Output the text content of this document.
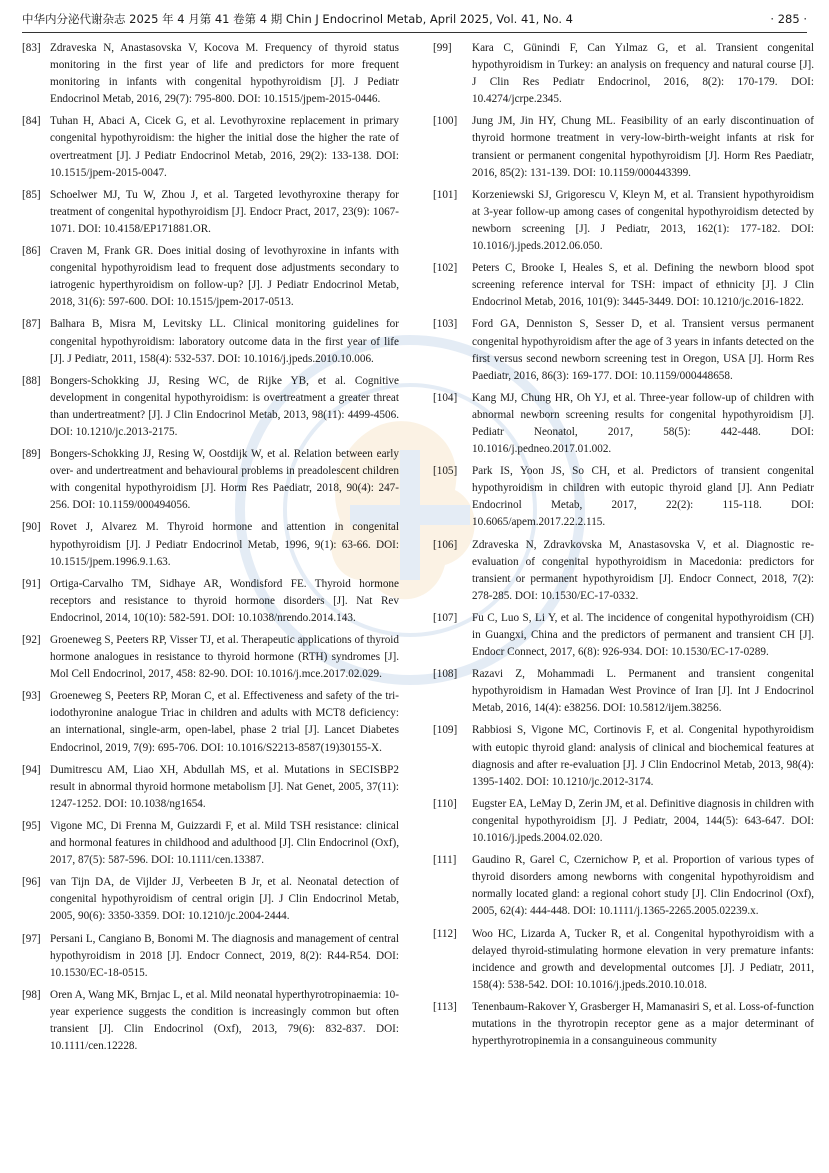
中华内分泌代谢杂志 2025 年 4 月第 41 卷第 4 期 Chin J Endocrinol Metab, April 2025, Vol. 41, No. 4	· 285 ·
[83] Zdraveska N, Anastasovska V, Kocova M. Frequency of thyroid status monitoring in the first year of life and predictors for more frequent monitoring in infants with congenital hypothyroidism [J]. J Pediatr Endocrinol Metab, 2016, 29(7): 795-800. DOI: 10.1515/jpem-2015-0446.
[84] Tuhan H, Abaci A, Cicek G, et al. Levothyroxine replacement in primary congenital hypothyroidism: the higher the initial dose the higher the rate of overtreatment [J]. J Pediatr Endocrinol Metab, 2016, 29(2): 133-138. DOI: 10.1515/jpem-2015-0047.
[85] Schoelwer MJ, Tu W, Zhou J, et al. Targeted levothyroxine therapy for treatment of congenital hypothyroidism [J]. Endocr Pract, 2017, 23(9): 1067-1071. DOI: 10.4158/EP171881.OR.
[86] Craven M, Frank GR. Does initial dosing of levothyroxine in infants with congenital hypothyroidism lead to frequent dose adjustments secondary to iatrogenic hyperthyroidism on follow-up? [J]. J Pediatr Endocrinol Metab, 2018, 31(6): 597-600. DOI: 10.1515/jpem-2017-0513.
[87] Balhara B, Misra M, Levitsky LL. Clinical monitoring guidelines for congenital hypothyroidism: laboratory outcome data in the first year of life [J]. J Pediatr, 2011, 158(4): 532-537. DOI: 10.1016/j.jpeds.2010.10.006.
[88] Bongers-Schokking JJ, Resing WC, de Rijke YB, et al. Cognitive development in congenital hypothyroidism: is overtreatment a greater threat than undertreatment? [J]. J Clin Endocrinol Metab, 2013, 98(11): 4499-4506. DOI: 10.1210/jc.2013-2175.
[89] Bongers-Schokking JJ, Resing W, Oostdijk W, et al. Relation between early over- and undertreatment and behavioural problems in preadolescent children with congenital hypothyroidism [J]. Horm Res Paediatr, 2018, 90(4): 247-256. DOI: 10.1159/000494056.
[90] Rovet J, Alvarez M. Thyroid hormone and attention in congenital hypothyroidism [J]. J Pediatr Endocrinol Metab, 1996, 9(1): 63-66. DOI: 10.1515/jpem.1996.9.1.63.
[91] Ortiga-Carvalho TM, Sidhaye AR, Wondisford FE. Thyroid hormone receptors and resistance to thyroid hormone disorders [J]. Nat Rev Endocrinol, 2014, 10(10): 582-591. DOI: 10.1038/nrendo.2014.143.
[92] Groeneweg S, Peeters RP, Visser TJ, et al. Therapeutic applications of thyroid hormone analogues in resistance to thyroid hormone (RTH) syndromes [J]. Mol Cell Endocrinol, 2017, 458: 82-90. DOI: 10.1016/j.mce.2017.02.029.
[93] Groeneweg S, Peeters RP, Moran C, et al. Effectiveness and safety of the tri-iodothyronine analogue Triac in children and adults with MCT8 deficiency: an international, single-arm, open-label, phase 2 trial [J]. Lancet Diabetes Endocrinol, 2019, 7(9): 695-706. DOI: 10.1016/S2213-8587(19)30155-X.
[94] Dumitrescu AM, Liao XH, Abdullah MS, et al. Mutations in SECISBP2 result in abnormal thyroid hormone metabolism [J]. Nat Genet, 2005, 37(11): 1247-1252. DOI: 10.1038/ng1654.
[95] Vigone MC, Di Frenna M, Guizzardi F, et al. Mild TSH resistance: clinical and hormonal features in childhood and adulthood [J]. Clin Endocrinol (Oxf), 2017, 87(5): 587-596. DOI: 10.1111/cen.13387.
[96] van Tijn DA, de Vijlder JJ, Verbeeten B Jr, et al. Neonatal detection of congenital hypothyroidism of central origin [J]. J Clin Endocrinol Metab, 2005, 90(6): 3350-3359. DOI: 10.1210/jc.2004-2444.
[97] Persani L, Cangiano B, Bonomi M. The diagnosis and management of central hypothyroidism in 2018 [J]. Endocr Connect, 2019, 8(2): R44-R54. DOI: 10.1530/EC-18-0515.
[98] Oren A, Wang MK, Brnjac L, et al. Mild neonatal hyperthyrotropinaemia: 10-year experience suggests the condition is increasingly common but often transient [J]. Clin Endocrinol (Oxf), 2013, 79(6): 832-837. DOI: 10.1111/cen.12228.
[99]	Kara C, Günindi F, Can Yılmaz G, et al. Transient congenital hypothyroidism in Turkey: an analysis on frequency and natural course [J]. J Clin Res Pediatr Endocrinol, 2016, 8(2): 170-179. DOI: 10.4274/jcrpe.2345.
[100]	Jung JM, Jin HY, Chung ML. Feasibility of an early discontinuation of thyroid hormone treatment in very-low-birth-weight infants at risk for transient or permanent congenital hypothyroidism [J]. Horm Res Paediatr, 2016, 85(2): 131-139. DOI: 10.1159/000443399.
[101]	Korzeniewski SJ, Grigorescu V, Kleyn M, et al. Transient hypothyroidism at 3-year follow-up among cases of congenital hypothyroidism detected by newborn screening [J]. J Pediatr, 2013, 162(1): 177-182. DOI: 10.1016/j.jpeds.2012.06.050.
[102]	Peters C, Brooke I, Heales S, et al. Defining the newborn blood spot screening reference interval for TSH: impact of ethnicity [J]. J Clin Endocrinol Metab, 2016, 101(9): 3445-3449. DOI: 10.1210/jc.2016-1822.
[103]	Ford GA, Denniston S, Sesser D, et al. Transient versus permanent congenital hypothyroidism after the age of 3 years in infants detected on the first versus second newborn screening test in Oregon, USA [J]. Horm Res Paediatr, 2016, 86(3): 169-177. DOI: 10.1159/000448658.
[104]	Kang MJ, Chung HR, Oh YJ, et al. Three-year follow-up of children with abnormal newborn screening results for congenital hypothyroidism [J]. Pediatr Neonatol, 2017, 58(5): 442-448. DOI: 10.1016/j.pedneo.2017.01.002.
[105]	Park IS, Yoon JS, So CH, et al. Predictors of transient congenital hypothyroidism in children with eutopic thyroid gland [J]. Ann Pediatr Endocrinol Metab, 2017, 22(2): 115-118. DOI: 10.6065/apem.2017.22.2.115.
[106]	Zdraveska N, Zdravkovska M, Anastasovska V, et al. Diagnostic re-evaluation of congenital hypothyroidism in Macedonia: predictors for transient or permanent hypothyroidism [J]. Endocr Connect, 2018, 7(2): 278-285. DOI: 10.1530/EC-17-0332.
[107]	Fu C, Luo S, Li Y, et al. The incidence of congenital hypothyroidism (CH) in Guangxi, China and the predictors of permanent and transient CH [J]. Endocr Connect, 2017, 6(8): 926-934. DOI: 10.1530/EC-17-0289.
[108]	Razavi Z, Mohammadi L. Permanent and transient congenital hypothyroidism in Hamadan West Province of Iran [J]. Int J Endocrinol Metab, 2016, 14(4): e38256. DOI: 10.5812/ijem.38256.
[109]	Rabbiosi S, Vigone MC, Cortinovis F, et al. Congenital hypothyroidism with eutopic thyroid gland: analysis of clinical and biochemical features at diagnosis and after re-evaluation [J]. J Clin Endocrinol Metab, 2013, 98(4): 1395-1402. DOI: 10.1210/jc.2012-3174.
[110]	Eugster EA, LeMay D, Zerin JM, et al. Definitive diagnosis in children with congenital hypothyroidism [J]. J Pediatr, 2004, 144(5): 643-647. DOI: 10.1016/j.jpeds.2004.02.020.
[111]	Gaudino R, Garel C, Czernichow P, et al. Proportion of various types of thyroid disorders among newborns with congenital hypothyroidism and normally located gland: a regional cohort study [J]. Clin Endocrinol (Oxf), 2005, 62(4): 444-448. DOI: 10.1111/j.1365-2265.2005.02239.x.
[112]	Woo HC, Lizarda A, Tucker R, et al. Congenital hypothyroidism with a delayed thyroid-stimulating hormone elevation in very premature infants: incidence and growth and developmental outcomes [J]. J Pediatr, 2011, 158(4): 538-542. DOI: 10.1016/j.jpeds.2010.10.018.
[113]	Tenenbaum-Rakover Y, Grasberger H, Mamanasiri S, et al. Loss-of-function mutations in the thyrotropin receptor gene as a major determinant of hyperthyrotropinemia in a consanguineous community
